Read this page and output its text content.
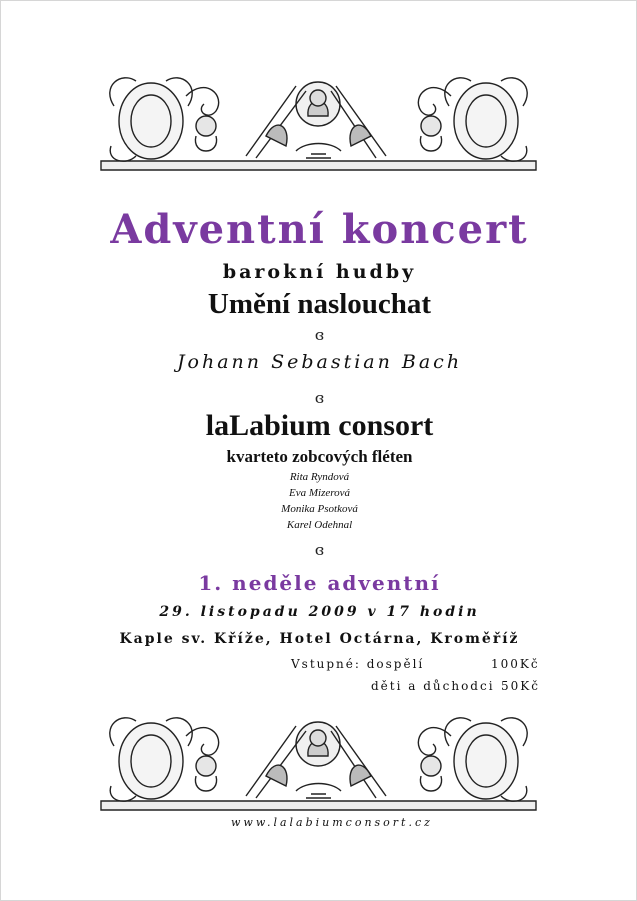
Adventní koncert
barokní hudby
Umění naslouchat
ɞ
Johann Sebastian Bach
ɞ
laLabium consort
kvarteto zobcových fléten
Rita Ryndová
Eva Mizerová
Monika Psotková
Karel Odehnal
ɞ
1. neděle adventní
29. listopadu 2009 v 17 hodin
Kaple sv. Kříže, Hotel Octárna, Kroměříž
Vstupné: dospělí	100Kč
děti a důchodci 50Kč
www.lalabiumconsort.cz
